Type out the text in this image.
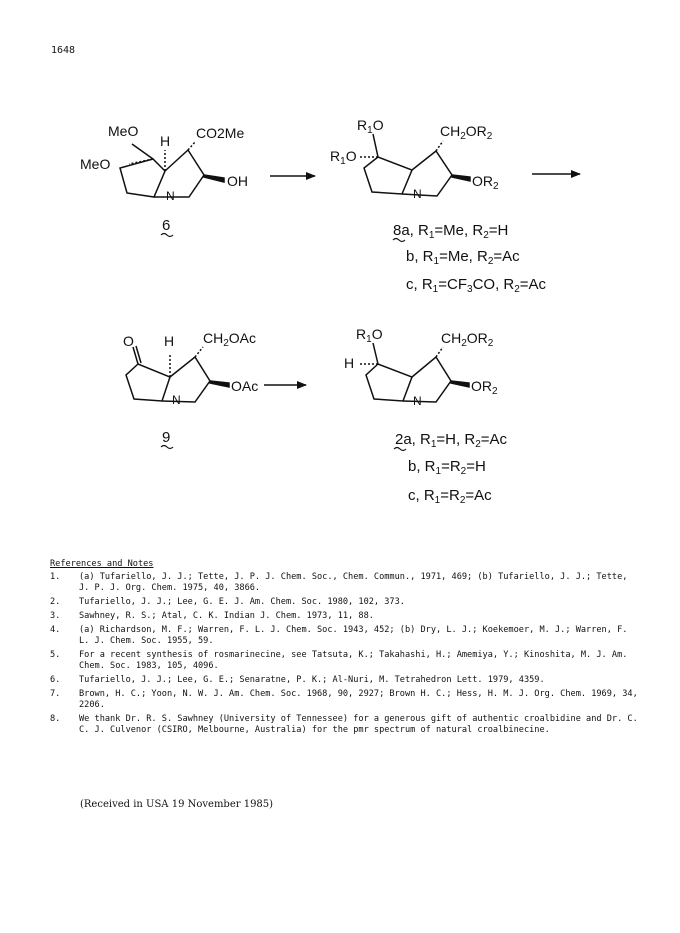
1648
MeO
H CO2Me
MeO
N
OH
6
$R_1O$	$CH_2OR_2$
$R_1O$
N
$OR_2$
8a, $R_1=Me$, $R_2=H$
b, $R_1=Me$, $R_2=Ac$
c, $R_1=CF_3CO$, $R_2=Ac$
O H $CH_2OAc$
OAc
N
9
$R_1O$	$CH_2OR_2$
H
$OR_2$
N
2a, $R_1=H$, $R_2=Ac$
b, $R_1=R_2=H$
c, $R_1=R_2=Ac$
References and Notes
1.	(a) Tufariello, J. J.; Tette, J. P. J. Chem. Soc., Chem. Commun., 1971, 469; (b) Tufariello, J. J.; Tette, J. P. J. Org. Chem. 1975, 40, 3866.
2.	Tufariello, J. J.; Lee, G. E. J. Am. Chem. Soc. 1980, 102, 373.
3.	Sawhney, R. S.; Atal, C. K. Indian J. Chem. 1973, 11, 88.
4.	(a) Richardson, M. F.; Warren, F. L. J. Chem. Soc. 1943, 452; (b) Dry, L. J.; Koekemoer, M. J.; Warren, F. L. J. Chem. Soc. 1955, 59.
5.	For a recent synthesis of rosmarinecine, see Tatsuta, K.; Takahashi, H.; Amemiya, Y.; Kinoshita, M. J. Am. Chem. Soc. 1983, 105, 4096.
6.	Tufariello, J. J.; Lee, G. E.; Senaratne, P. K.; Al-Nuri, M. Tetrahedron Lett. 1979, 4359.
7.	Brown, H. C.; Yoon, N. W. J. Am. Chem. Soc. 1968, 90, 2927; Brown H. C.; Hess, H. M. J. Org. Chem. 1969, 34, 2206.
8.	We thank Dr. R. S. Sawhney (University of Tennessee) for a generous gift of authentic croalbidine and Dr. C. C. J. Culvenor (CSIRO, Melbourne, Australia) for the pmr spectrum of natural croalbinecine.
(Received in USA 19 November 1985)
